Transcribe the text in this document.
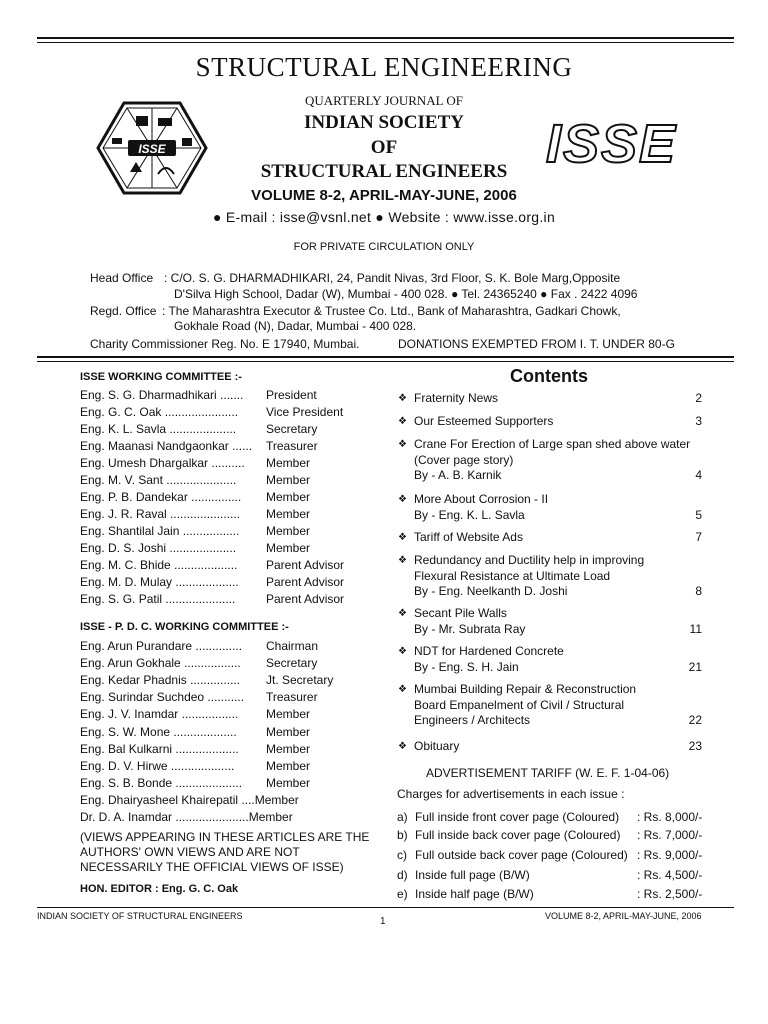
STRUCTURAL ENGINEERING
QUARTERLY JOURNAL OF
INDIAN SOCIETY
OF
STRUCTURAL ENGINEERS
ISSE	ISSE
VOLUME 8-2, APRIL-MAY-JUNE, 2006
● E-mail : isse@vsnl.net ● Website : www.isse.org.in
FOR PRIVATE CIRCULATION ONLY
Head Office : C/O. S. G. DHARMADHIKARI, 24, Pandit Nivas, 3rd Floor, S. K. Bole Marg,Opposite
D'Silva High School, Dadar (W), Mumbai - 400 028. ● Tel. 24365240 ● Fax . 2422 4096
Regd. Office : The Maharashtra Executor & Trustee Co. Ltd., Bank of Maharashtra, Gadkari Chowk,
Gokhale Road (N), Dadar, Mumbai - 400 028.
Charity Commissioner Reg. No. E 17940, Mumbai.	DONATIONS EXEMPTED FROM I. T. UNDER 80-G
ISSE WORKING COMMITTEE :-
Eng. S. G. Dharmadhikari ....... President
Eng. G. C. Oak ...................... Vice President
Eng. K. L. Savla .................... Secretary
Eng. Maanasi Nandgaonkar ...... Treasurer
Eng. Umesh Dhargalkar .......... Member
Eng. M. V. Sant ..................... Member
Eng. P. B. Dandekar ............... Member
Eng. J. R. Raval ..................... Member
Eng. Shantilal Jain ................. Member
Eng. D. S. Joshi .................... Member
Eng. M. C. Bhide ................... Parent Advisor
Eng. M. D. Mulay ................... Parent Advisor
Eng. S. G. Patil .....................	Parent Advisor
ISSE - P. D. C. WORKING COMMITTEE :-
Eng. Arun Purandare .............. Chairman
Eng. Arun Gokhale ................. Secretary
Eng. Kedar Phadnis ............... Jt. Secretary
Eng. Surindar Suchdeo ........... Treasurer
Eng. J. V. Inamdar ................. Member
Eng. S. W. Mone ................... Member
Eng. Bal Kulkarni ................... Member
Eng. D. V. Hirwe ...................	Member
Eng. S. B. Bonde .................... Member
Eng. Dhairyasheel Khairepatil ....Member
Dr. D. A. Inamdar ......................Member
(VIEWS APPEARING IN THESE ARTICLES ARE THE AUTHORS' OWN VIEWS AND ARE NOT NECESSARILY THE OFFICIAL VIEWS OF ISSE)
HON. EDITOR : Eng. G. C. Oak
Contents
❖ Fraternity News	2
❖ Our Esteemed Supporters	3
❖ Crane For Erection of Large span shed above water
(Cover page story)
By - A. B. Karnik	4
❖ More About Corrosion - II
By - Eng. K. L. Savla	5
❖ Tariff of Website Ads	7
❖ Redundancy and Ductility help in improving
Flexural Resistance at Ultimate Load
By - Eng. Neelkanth D. Joshi	8
❖ Secant Pile Walls
By - Mr. Subrata Ray	11
❖ NDT for Hardened Concrete
By - Eng. S. H. Jain	21
❖ Mumbai Building Repair & Reconstruction
Board Empanelment of Civil / Structural
Engineers / Architects	22
❖ Obituary	23
ADVERTISEMENT TARIFF (W. E. F. 1-04-06)
Charges for advertisements in each issue :
a) Full inside front cover page (Coloured) : Rs. 8,000/-
b) Full inside back cover page (Coloured) : Rs. 7,000/-
c) Full outside back cover page (Coloured) : Rs. 9,000/-
d) Inside full page (B/W)	: Rs. 4,500/-
e) Inside half page (B/W)	: Rs. 2,500/-
INDIAN SOCIETY OF STRUCTURAL ENGINEERS	1	VOLUME 8-2, APRIL-MAY-JUNE, 2006
